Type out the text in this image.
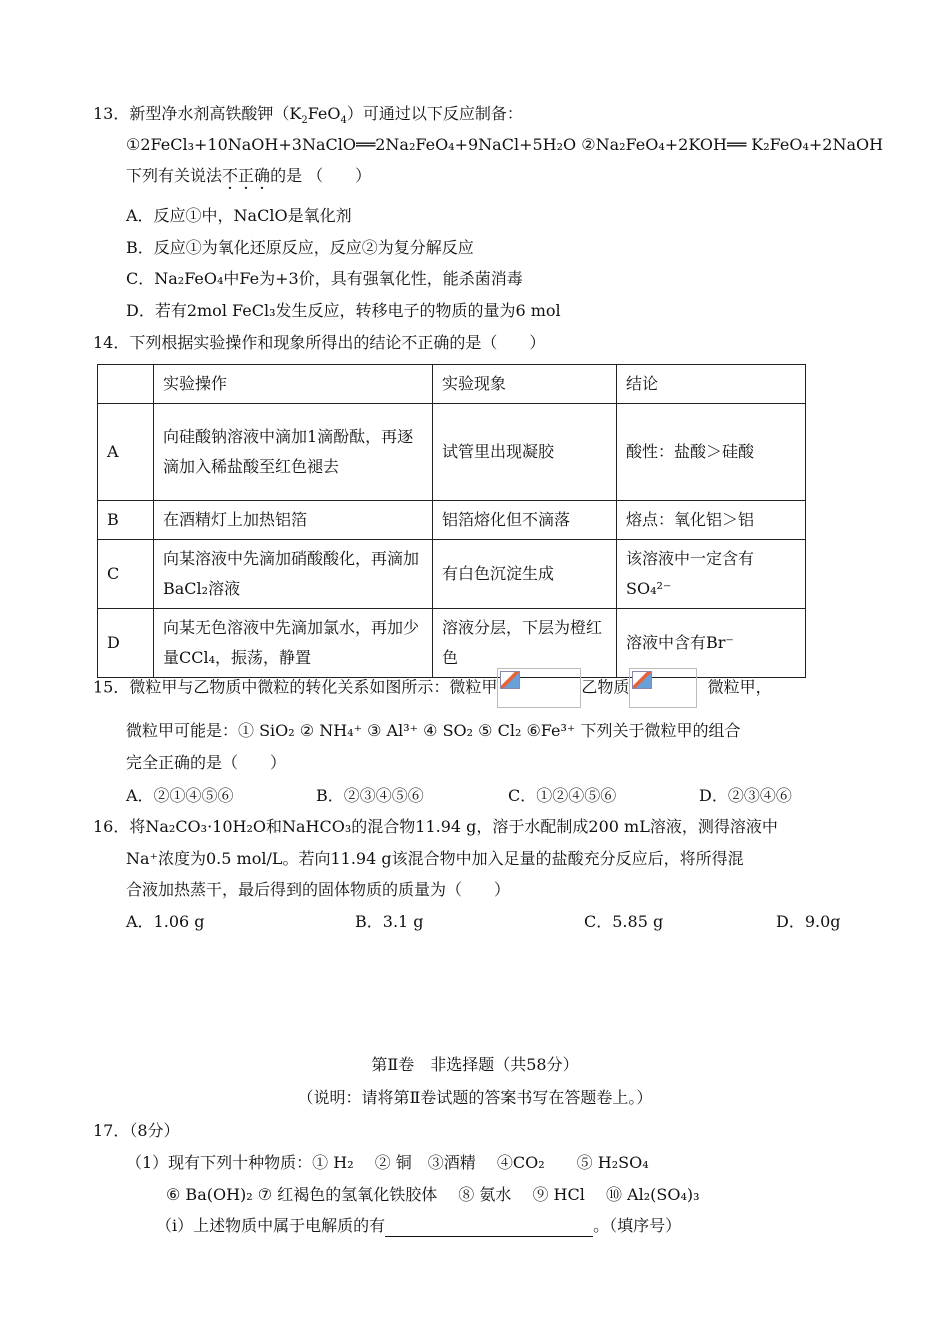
13．新型净水剂高铁酸钾$(K_2FeO_4)$可通过以下反应制备：
①2FeCl₃+10NaOH+3NaClO══2Na₂FeO₄+9NaCl+5H₂O ②Na₂FeO₄+2KOH══ K₂FeO₄+2NaOH
下列有关说法不正确的是 （　　）
A．反应①中，NaClO是氧化剂
B．反应①为氧化还原反应，反应②为复分解反应
C．Na₂FeO₄中Fe为+3价，具有强氧化性，能杀菌消毒
D．若有2mol FeCl₃发生反应，转移电子的物质的量为6 mol
14．下列根据实验操作和现象所得出的结论不正确的是（　　）
	实验操作	实验现象	结论
A	向硅酸钠溶液中滴加1滴酚酞，再逐滴加入稀盐酸至红色褪去	试管里出现凝胶	酸性：盐酸＞硅酸
B	在酒精灯上加热铝箔	铝箔熔化但不滴落	熔点：氧化铝＞铝
C	向某溶液中先滴加硝酸酸化，再滴加BaCl₂溶液	有白色沉淀生成	该溶液中一定含有SO₄²⁻
D	向某无色溶液中先滴加氯水，再加少量CCl₄，振荡，静置	溶液分层，下层为橙红色	溶液中含有Br⁻
15．微粒甲与乙物质中微粒的转化关系如图所示：微粒甲	乙物质	微粒甲，
微粒甲可能是：① SiO₂ ② NH₄⁺ ③ Al³⁺ ④ SO₂ ⑤ Cl₂ ⑥Fe³⁺ 下列关于微粒甲的组合
完全正确的是（　　）
A．②①④⑤⑥	B．②③④⑤⑥	C．①②④⑤⑥	D．②③④⑥
16．将Na₂CO₃·10H₂O和NaHCO₃的混合物11.94 g，溶于水配制成200 mL溶液，测得溶液中
Na⁺浓度为0.5 mol/L。若向11.94 g该混合物中加入足量的盐酸充分反应后，将所得混
合液加热蒸干，最后得到的固体物质的质量为（　　）
A．1.06 g	B．3.1 g	C．5.85 g	D．9.0g
第Ⅱ卷　非选择题（共58分）
（说明：请将第Ⅱ卷试题的答案书写在答题卷上。）
17．（8分）
（1）现有下列十种物质：① H₂　 ② 铜　③酒精　 ④CO₂　　⑤ H₂SO₄
⑥ Ba(OH)₂ ⑦ 红褐色的氢氧化铁胶体　 ⑧ 氨水　 ⑨ HCl　 ⑩ Al₂(SO₄)₃
（ⅰ）上述物质中属于电解质的有	。（填序号）
